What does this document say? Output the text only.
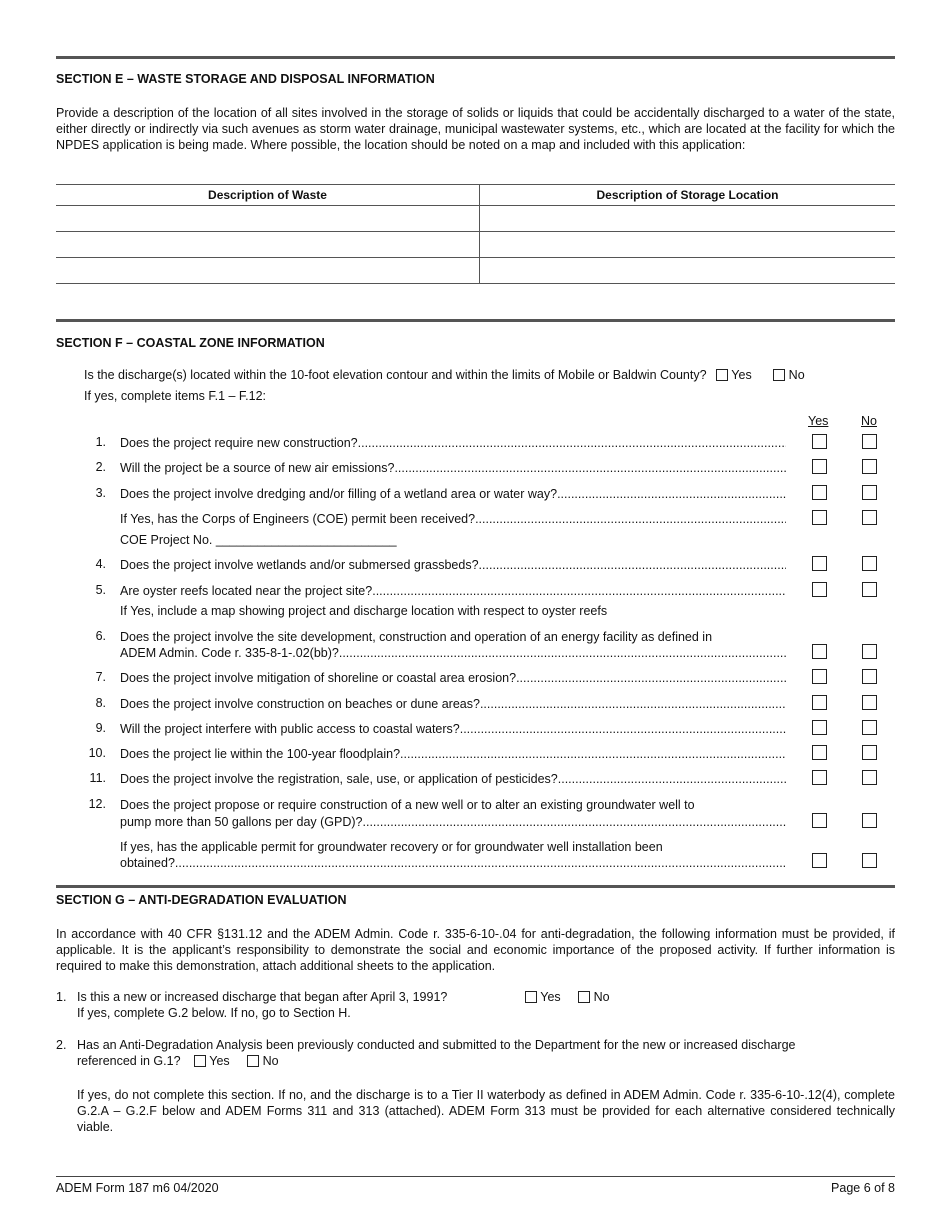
SECTION E – WASTE STORAGE AND DISPOSAL INFORMATION
Provide a description of the location of all sites involved in the storage of solids or liquids that could be accidentally discharged to a water of the state, either directly or indirectly via such avenues as storm water drainage, municipal wastewater systems, etc., which are located at the facility for which the NPDES application is being made. Where possible, the location should be noted on a map and included with this application:
Description of Waste	Description of Storage Location

SECTION F – COASTAL ZONE INFORMATION
Is the discharge(s) located within the 10-foot elevation contour and within the limits of Mobile or Baldwin County? Yes	No
If yes, complete items F.1 – F.12:
Yes	No
1. Does the project require new construction?
.....
2. Will the project be a source of new air emissions?
.....
3. Does the project involve dredging and/or filling of a wetland area or water way?
.....
If Yes, has the Corps of Engineers (COE) permit been received?
.....
COE Project No. __________________________
4. Does the project involve wetlands and/or submersed grassbeds?
.....
5. Are oyster reefs located near the project site?
.....
If Yes, include a map showing project and discharge location with respect to oyster reefs
6. Does the project involve the site development, construction and operation of an energy facility as defined in
ADEM Admin. Code r. 335-8-1-.02(bb)?
.....
7. Does the project involve mitigation of shoreline or coastal area erosion?
.....
8. Does the project involve construction on beaches or dune areas?
.....
9. Will the project interfere with public access to coastal waters?
.....
10. Does the project lie within the 100-year floodplain?
.....
11. Does the project involve the registration, sale, use, or application of pesticides?
.....
12. Does the project propose or require construction of a new well or to alter an existing groundwater well to
pump more than 50 gallons per day (GPD)?
.....
If yes, has the applicable permit for groundwater recovery or for groundwater well installation been
obtained?
.....
SECTION G – ANTI-DEGRADATION EVALUATION
In accordance with 40 CFR §131.12 and the ADEM Admin. Code r. 335-6-10-.04 for anti-degradation, the following information must be provided, if applicable. It is the applicant’s responsibility to demonstrate the social and economic importance of the proposed activity. If further information is required to make this demonstration, attach additional sheets to the application.
1. Is this a new or increased discharge that began after April 3, 1991?	Yes	No
If yes, complete G.2 below. If no, go to Section H.
2. Has an Anti-Degradation Analysis been previously conducted and submitted to the Department for the new or increased discharge
referenced in G.1? Yes	No
If yes, do not complete this section. If no, and the discharge is to a Tier II waterbody as defined in ADEM Admin. Code r. 335-6-10-.12(4), complete G.2.A – G.2.F below and ADEM Forms 311 and 313 (attached). ADEM Form 313 must be provided for each alternative considered technically viable.
ADEM Form 187 m6 04/2020	Page 6 of 8
